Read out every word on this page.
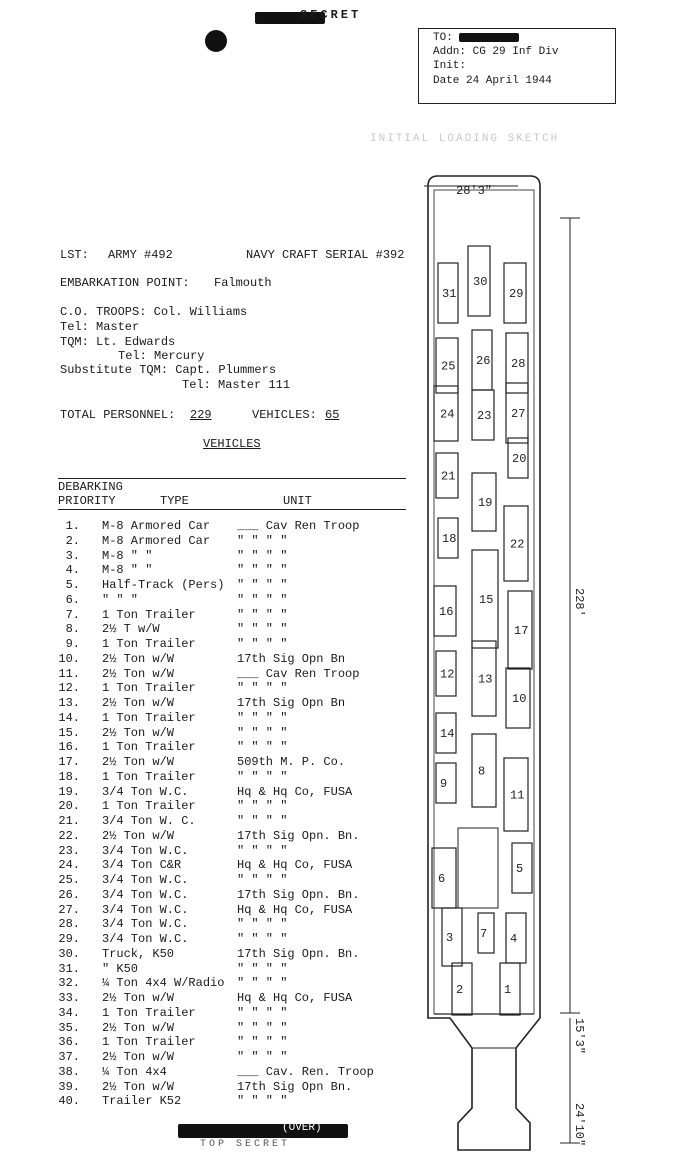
SECRET
TO:
Addn: CG 29 Inf Div
Init:
Date 24 April 1944
INITIAL LOADING SKETCH
LST: ARMY #492	NAVY CRAFT SERIAL #392
EMBARKATION POINT: Falmouth
C.O. TROOPS: Col. Williams
Tel: Master
TQM: Lt. Edwards
Tel: Mercury
Substitute TQM: Capt. Plummers
Tel: Master 111
TOTAL PERSONNEL: 229	VEHICLES: 65
VEHICLES
DEBARKING
PRIORITY	TYPE	UNIT
1. M-8 Armored Car ___ Cav Ren Troop
2. M-8 Armored Car " " " "
3. M-8 " "	" " " "
4. M-8 " "	" " " "
5. Half-Track (Pers) " " " "
6. " " "	" " " "
7. 1 Ton Trailer	" " " "
8. 2½ T w/W	" " " "
9. 1 Ton Trailer	" " " "
10. 2½ Ton w/W	17th Sig Opn Bn
11. 2½ Ton w/W	___ Cav Ren Troop
12. 1 Ton Trailer	" " " "
13. 2½ Ton w/W	17th Sig Opn Bn
14. 1 Ton Trailer	" " " "
15. 2½ Ton w/W	" " " "
16. 1 Ton Trailer	" " " "
17. 2½ Ton w/W	509th M. P. Co.
18. 1 Ton Trailer	" " " "
19. 3/4 Ton W.C.	Hq & Hq Co, FUSA
20. 1 Ton Trailer	" " " "
21. 3/4 Ton W. C.	" " " "
22. 2½ Ton w/W	17th Sig Opn. Bn.
23. 3/4 Ton W.C.	" " " "
24. 3/4 Ton C&R	Hq & Hq Co, FUSA
25. 3/4 Ton W.C.	" " " "
26. 3/4 Ton W.C.	17th Sig Opn. Bn.
27. 3/4 Ton W.C.	Hq & Hq Co, FUSA
28. 3/4 Ton W.C.	" " " "
29. 3/4 Ton W.C.	" " " "
30. Truck, K50	17th Sig Opn. Bn.
31. " K50	" " " "
32. ¼ Ton 4x4 W/Radio " " " "
33. 2½ Ton w/W	Hq & Hq Co, FUSA
34. 1 Ton Trailer	" " " "
35. 2½ Ton w/W	" " " "
36. 1 Ton Trailer	" " " "
37. 2½ Ton w/W	" " " "
38. ¼ Ton 4x4	___ Cav. Ren. Troop
39. 2½ Ton w/W	17th Sig Opn Bn.
40. Trailer K52	" " " "
(OVER)
TOP SECRET
28'3"
228'
15'3"
24'10"
31
30
29
25 26 28
24 23 27
20
21
19
18	22
15
16
17
12 13
10
14
8
9
11
6
5
3 7 4
2	1
